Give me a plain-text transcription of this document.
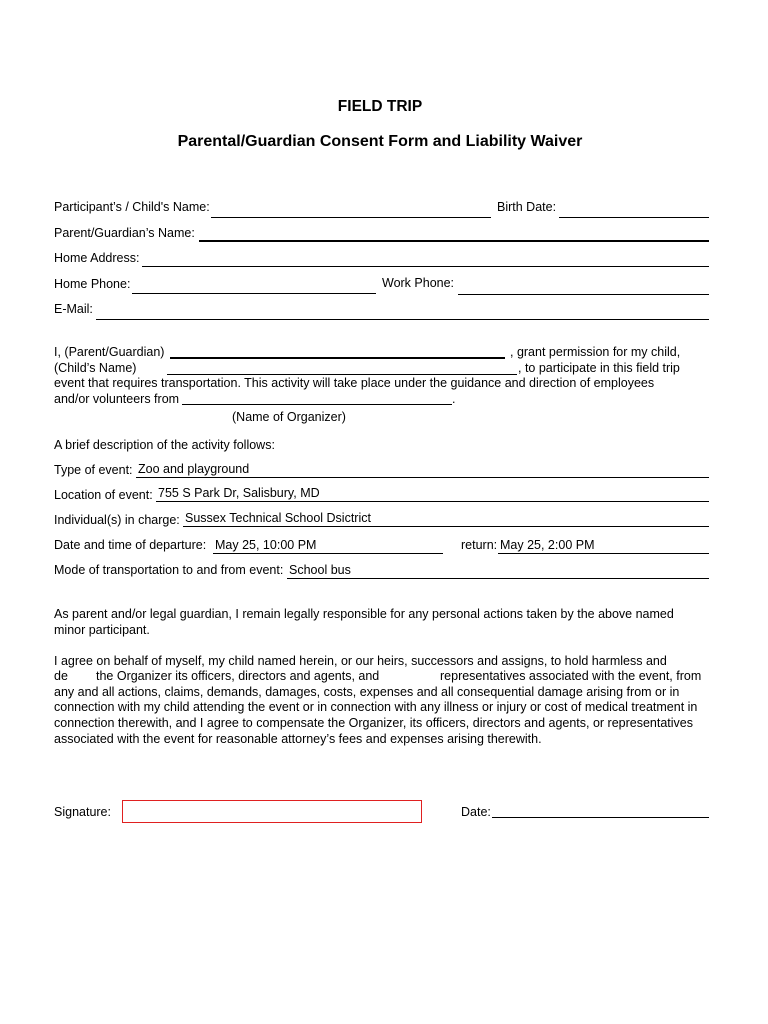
FIELD TRIP
Parental/Guardian Consent Form and Liability Waiver
Participant’s / Child's Name:	Birth Date:
Parent/Guardian’s Name:
Home Address:
Home Phone:	Work Phone:
E-Mail:
I, (Parent/Guardian)	, grant permission for my child,
(Child’s Name)	, to participate in this field trip
event that requires transportation. This activity will take place under the guidance and direction of employees
and/or volunteers from	.
(Name of Organizer)
A brief description of the activity follows:
Type of event:
Zoo and playground
Location of event:
755 S Park Dr, Salisbury, MD
Individual(s) in charge:
Sussex Technical School Dsictrict
Date and time of departure:
May 25, 10:00 PM	return:
May 25, 2:00 PM
Mode of transportation to and from event:
School bus
As parent and/or legal guardian, I remain legally responsible for any personal actions taken by the above named
minor participant.
I agree on behalf of myself, my child named herein, or our heirs, successors and assigns, to hold harmless and
de the Organizer its officers, directors and agents, and	representatives associated with the event, from
any and all actions, claims, demands, damages, costs, expenses and all consequential damage arising from or in
connection with my child attending the event or in connection with any illness or injury or cost of medical treatment in
connection therewith, and I agree to compensate the Organizer, its officers, directors and agents, or representatives
associated with the event for reasonable attorney’s fees and expenses arising therewith.
Signature:	Date:
